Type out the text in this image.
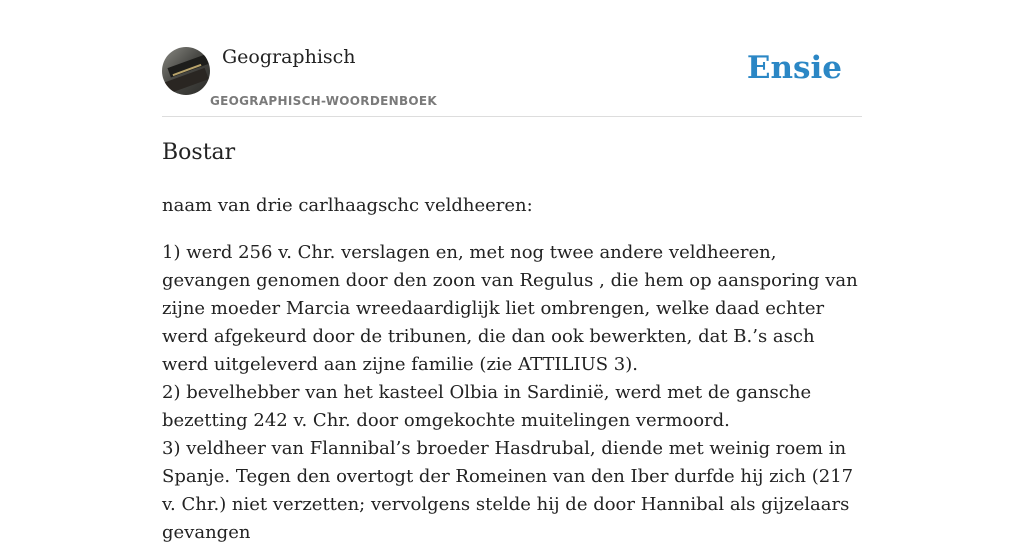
Geographisch
GEOGRAPHISCH-WOORDENBOEK
Ensie
Bostar

naam van drie carlhaagschc veldheeren:

1) werd 256 v. Chr. verslagen en, met nog twee andere veldheeren, gevangen genomen door den zoon van Regulus , die hem op aansporing van zijne moeder Marcia wreedaardiglijk liet ombrengen, welke daad echter werd afgekeurd door de tribunen, die dan ook bewerkten, dat B.’s asch werd uitgeleverd aan zijne familie (zie ATTILIUS 3).
2) bevelhebber van het kasteel Olbia in Sardinië, werd met de gansche bezetting 242 v. Chr. door omgekochte muitelingen vermoord.
3) veldheer van Flannibal’s broeder Hasdrubal, diende met weinig roem in Spanje. Tegen den overtogt der Romeinen van den Iber durfde hij zich (217 v. Chr.) niet verzetten; vervolgens stelde hij de door Hannibal als gijzelaars gevangen
